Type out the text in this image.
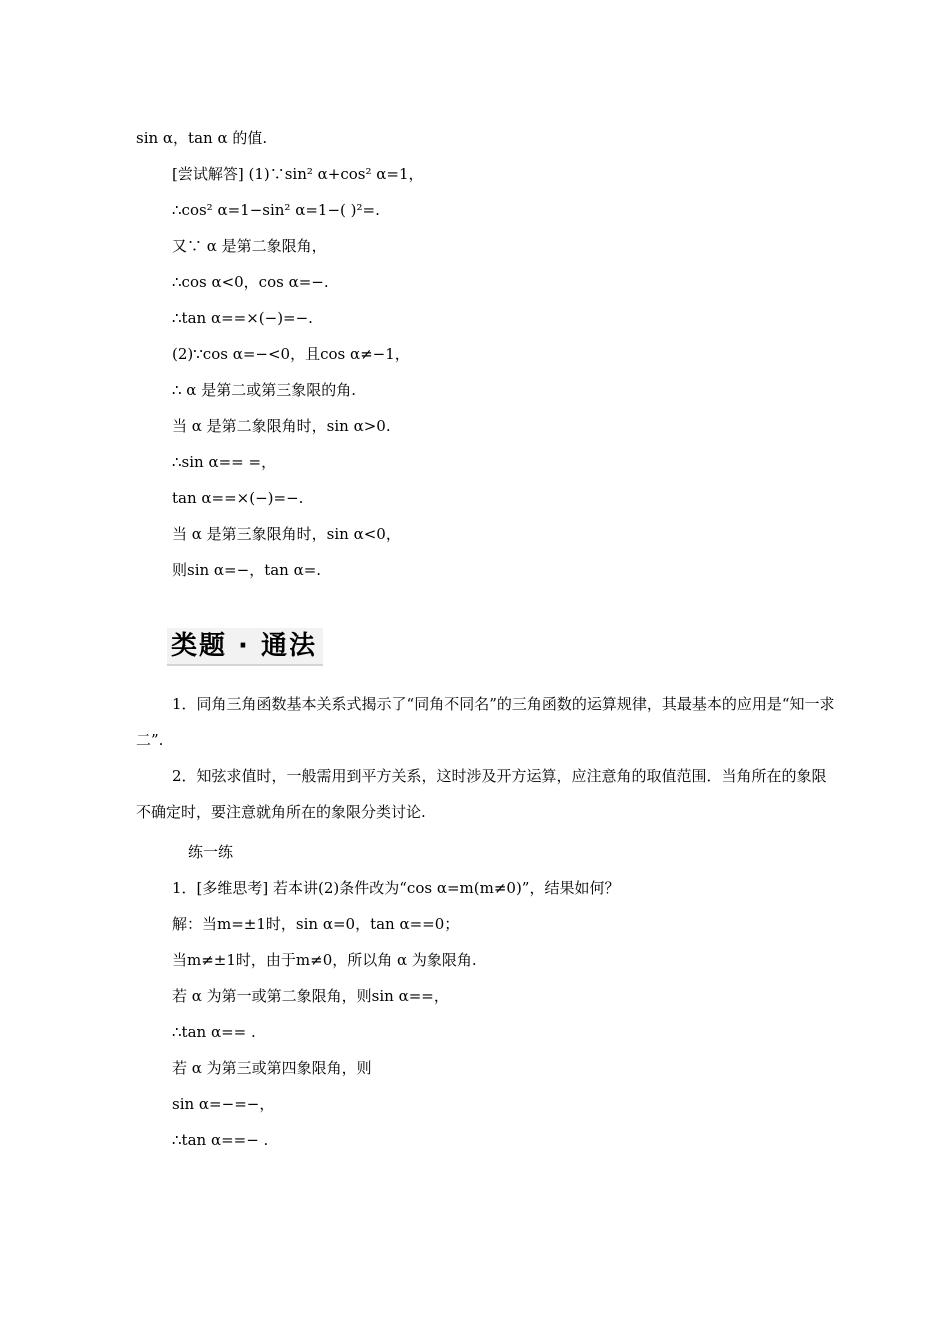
sin α，tan α 的值.
[尝试解答] (1)∵sin² α+cos² α=1，
∴cos² α=1−sin² α=1−( )²=.
又∵ α 是第二象限角，
∴cos α<0，cos α=−.
∴tan α==×(−)=−.
(2)∵cos α=−<0，且cos α≠−1，
∴ α 是第二或第三象限的角.
当 α 是第二象限角时，sin α>0.
∴sin α== =，
tan α==×(−)=−.
当 α 是第三象限角时，sin α<0，
则sin α=−，tan α=.
类题 · 通法
1．同角三角函数基本关系式揭示了“同角不同名”的三角函数的运算规律，其最基本的应用是“知一求二”.
2．知弦求值时，一般需用到平方关系，这时涉及开方运算，应注意角的取值范围．当角所在的象限不确定时，要注意就角所在的象限分类讨论.
练一练
1．[多维思考] 若本讲(2)条件改为“cos α=m(m≠0)”，结果如何？
解：当m=±1时，sin α=0，tan α==0；
当m≠±1时，由于m≠0，所以角 α 为象限角.
若 α 为第一或第二象限角，则sin α==，
∴tan α== .
若 α 为第三或第四象限角，则
sin α=−=−，
∴tan α==− .
